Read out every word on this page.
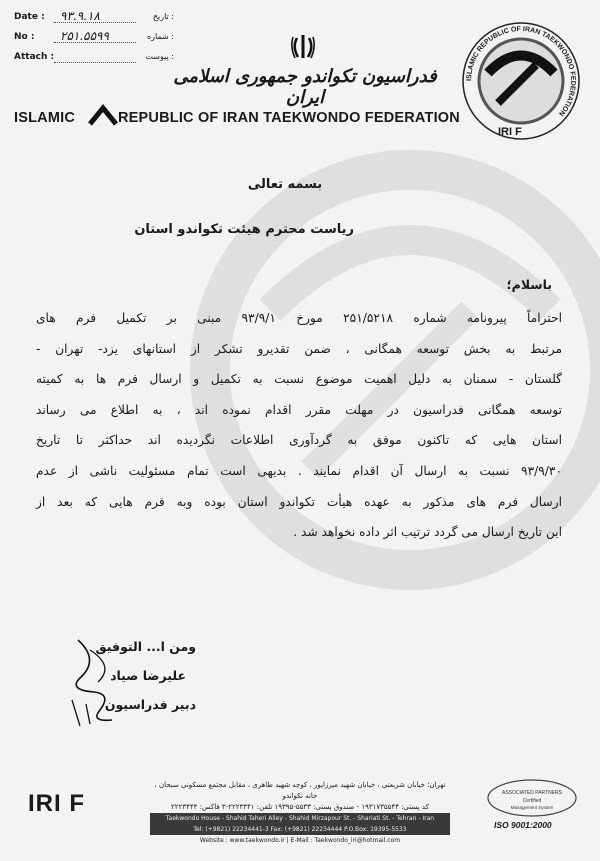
Date : ۹۳.۹.۱۸	: تاریخ
No : ۲۵۱.۵۵۹۹	: شماره
Attach :	: پیوست
فدراسیون تکواندو جمهوری اسلامی ایران
ISLAMIC	REPUBLIC OF IRAN TAEKWONDO FEDERATION
ISLAMIC REPUBLIC OF IRAN TAEKWONDO FEDERATION
IRI F
بسمه تعالی
ریاست محترم هیئت تکواندو استان
باسلام؛
احتراماً پیرونامه شماره ۲۵۱/۵۲۱۸ مورخ ۹۳/۹/۱ مبنی بر تکمیل فرم های
مرتبط به بخش توسعه همگانی ، ضمن تقدیرو تشکر از استانهای یزد- تهران -
گلستان - سمنان به دلیل اهمیت موضوع نسبت به تکمیل و ارسال فرم ها به کمیته
توسعه همگانی فدراسیون در مهلت مقرر اقدام نموده اند ، به اطلاع می رساند
استان هایی که تاکنون موفق به گردآوری اطلاعات نگردیده اند حداکثر تا تاریخ
۹۳/۹/۳۰ نسبت به ارسال آن اقدام نمایند . بدیهی است تمام مسئولیت ناشی از عدم
ارسال فرم های مذکور به عهده هیأت تکواندو استان بوده وبه فرم هایی که بعد از
این تاریخ ارسال می گردد ترتیب اثر داده نخواهد شد .
ومن ا... التوفیق
علیرضا صیاد
دبیر فدراسیون
IRI F
تهران؛ خیابان شریعتی ، خیابان شهید میرزاپور ، کوچه شهید طاهری ، مقابل مجتمع مسکونی سبحان ، خانه تکواندو
کد پستی: ۱۹۳۱۷۳۵۵۴۴ - صندوق پستی: ۵۵۳۳-۱۹۳۹۵ تلفن: ۲۲۲۳۴۴۱-۳ فاکس: ۲۲۲۳۴۴۴
Taekwondo House - Shahid Taheri Alley - Shahid Mirzapour St. - Shariati St. - Tehran - Iran
Tel: (+9821) 22234441-3 Fax: (+9821) 22234444 P.O.Box: 19395-5533
Website : www.taekwondo.ir | E-Mail : Taekwondo_iri@hotmail.com
ASSOCIATED PARTNERS
Certified
Management System
ISO 9001:2000
